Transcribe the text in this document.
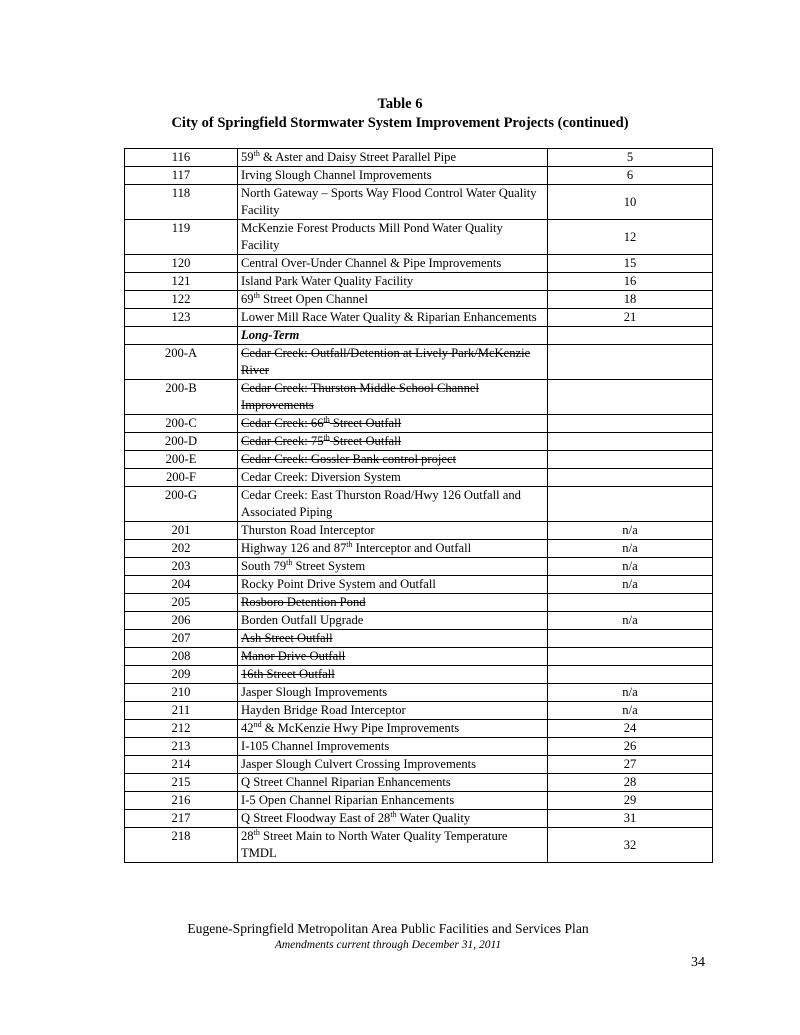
Table 6
City of Springfield Stormwater System Improvement Projects (continued)
116	59th & Aster and Daisy Street Parallel Pipe	5
117	Irving Slough Channel Improvements	6
118	North Gateway – Sports Way Flood Control Water Quality Facility	10
119	McKenzie Forest Products Mill Pond Water Quality Facility	12
120	Central Over-Under Channel & Pipe Improvements	15
121	Island Park Water Quality Facility	16
122	69th Street Open Channel	18
123	Lower Mill Race Water Quality & Riparian Enhancements	21
	Long-Term	
200-A	Cedar Creek: Outfall/Detention at Lively Park/McKenzie River	
200-B	Cedar Creek: Thurston Middle School Channel Improvements	
200-C	Cedar Creek: 66th Street Outfall	
200-D	Cedar Creek: 75th Street Outfall	
200-E	Cedar Creek: Gossler Bank control project	
200-F	Cedar Creek: Diversion System	
200-G	Cedar Creek: East Thurston Road/Hwy 126 Outfall and Associated Piping	
201	Thurston Road Interceptor	n/a
202	Highway 126 and 87th Interceptor and Outfall	n/a
203	South 79th Street System	n/a
204	Rocky Point Drive System and Outfall	n/a
205	Rosboro Detention Pond	
206	Borden Outfall Upgrade	n/a
207	Ash Street Outfall	
208	Manor Drive Outfall	
209	16th Street Outfall	
210	Jasper Slough Improvements	n/a
211	Hayden Bridge Road Interceptor	n/a
212	42nd & McKenzie Hwy Pipe Improvements	24
213	I-105 Channel Improvements	26
214	Jasper Slough Culvert Crossing Improvements	27
215	Q Street Channel Riparian Enhancements	28
216	I-5 Open Channel Riparian Enhancements	29
217	Q Street Floodway East of 28th Water Quality	31
218	28th Street Main to North Water Quality Temperature TMDL	32
Eugene-Springfield Metropolitan Area Public Facilities and Services Plan
Amendments current through December 31, 2011
34
